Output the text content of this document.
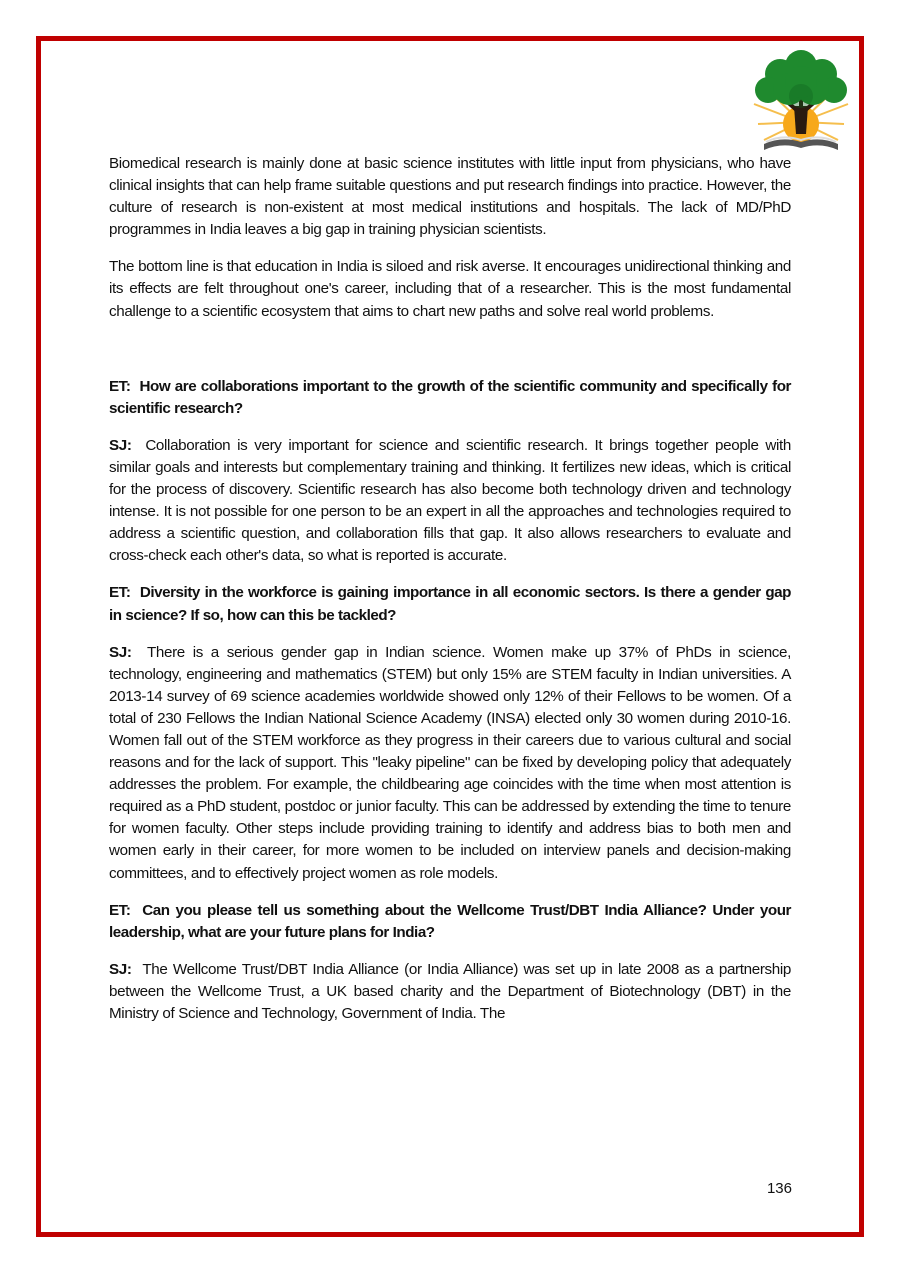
Biomedical research is mainly done at basic science institutes with little input from physicians, who have clinical insights that can help frame suitable questions and put research findings into practice. However, the culture of research is non-existent at most medical institutions and hospitals. The lack of MD/PhD programmes in India leaves a big gap in training physician scientists.

The bottom line is that education in India is siloed and risk averse. It encourages unidirectional thinking and its effects are felt throughout one's career, including that of a researcher. This is the most fundamental challenge to a scientific ecosystem that aims to chart new paths and solve real world problems.

ET: How are collaborations important to the growth of the scientific community and specifically for scientific research?

SJ: Collaboration is very important for science and scientific research. It brings together people with similar goals and interests but complementary training and thinking. It fertilizes new ideas, which is critical for the process of discovery. Scientific research has also become both technology driven and technology intense. It is not possible for one person to be an expert in all the approaches and technologies required to address a scientific question, and collaboration fills that gap. It also allows researchers to evaluate and cross-check each other's data, so what is reported is accurate.

ET: Diversity in the workforce is gaining importance in all economic sectors. Is there a gender gap in science? If so, how can this be tackled?

SJ: There is a serious gender gap in Indian science. Women make up 37% of PhDs in science, technology, engineering and mathematics (STEM) but only 15% are STEM faculty in Indian universities. A 2013-14 survey of 69 science academies worldwide showed only 12% of their Fellows to be women. Of a total of 230 Fellows the Indian National Science Academy (INSA) elected only 30 women during 2010-16. Women fall out of the STEM workforce as they progress in their careers due to various cultural and social reasons and for the lack of support. This "leaky pipeline" can be fixed by developing policy that adequately addresses the problem. For example, the childbearing age coincides with the time when most attention is required as a PhD student, postdoc or junior faculty. This can be addressed by extending the time to tenure for women faculty. Other steps include providing training to identify and address bias to both men and women early in their career, for more women to be included on interview panels and decision-making committees, and to effectively project women as role models.

ET: Can you please tell us something about the Wellcome Trust/DBT India Alliance? Under your leadership, what are your future plans for India?

SJ: The Wellcome Trust/DBT India Alliance (or India Alliance) was set up in late 2008 as a partnership between the Wellcome Trust, a UK based charity and the Department of Biotechnology (DBT) in the Ministry of Science and Technology, Government of India. The

136
